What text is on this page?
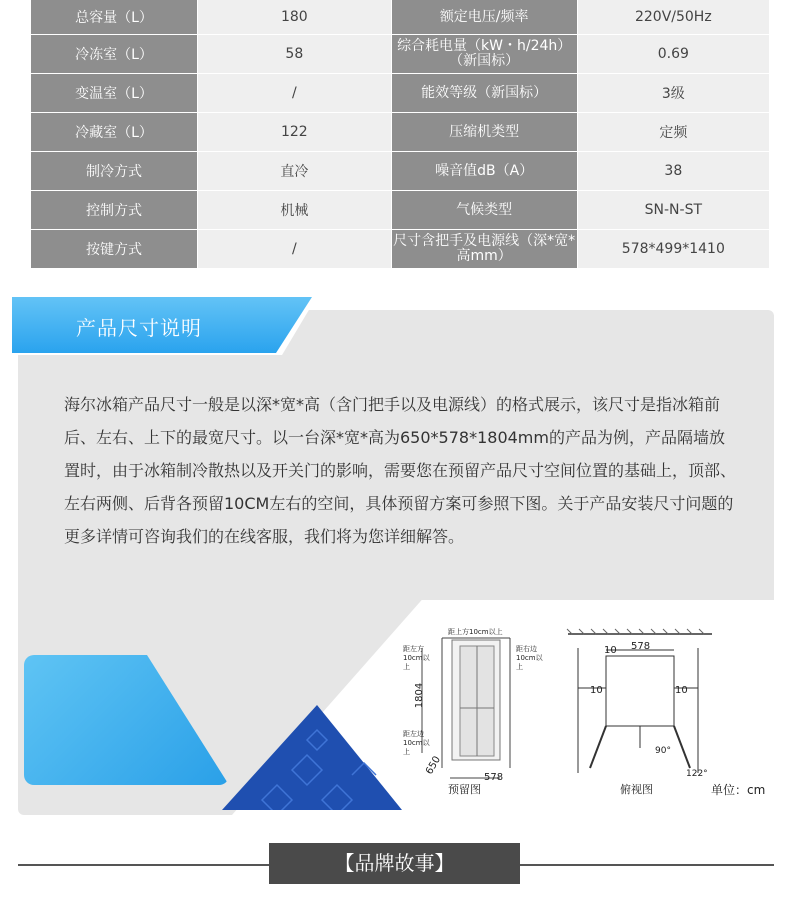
总容量（L）	180	额定电压/频率	220V/50Hz
冷冻室（L）	58	综合耗电量（kW・h/24h）（新国标）	0.69
变温室（L）	/	能效等级（新国标）	3级
冷藏室（L）	122	压缩机类型	定频
制冷方式	直冷	噪音值dB（A）	38
控制方式	机械	气候类型	SN-N-ST
按键方式	/	尺寸含把手及电源线（深*宽*高mm）	578*499*1410
产品尺寸说明
海尔冰箱产品尺寸一般是以深*宽*高（含门把手以及电源线）的格式展示，该尺寸是指冰箱前后、左右、上下的最宽尺寸。以一台深*宽*高为650*578*1804mm的产品为例，产品隔墙放置时，由于冰箱制冷散热以及开关门的影响，需要您在预留产品尺寸空间位置的基础上，顶部、左右两侧、后背各预留10CM左右的空间，具体预留方案可参照下图。关于产品安装尺寸问题的更多详情可咨询我们的在线客服，我们将为您详细解答。
距上方10cm以上
距左方10cm以上
距右边10cm以上
距左边10cm以上
1804
650
578
预留图
578
10
10	10
90°
122°
俯视图	单位：cm
【品牌故事】
